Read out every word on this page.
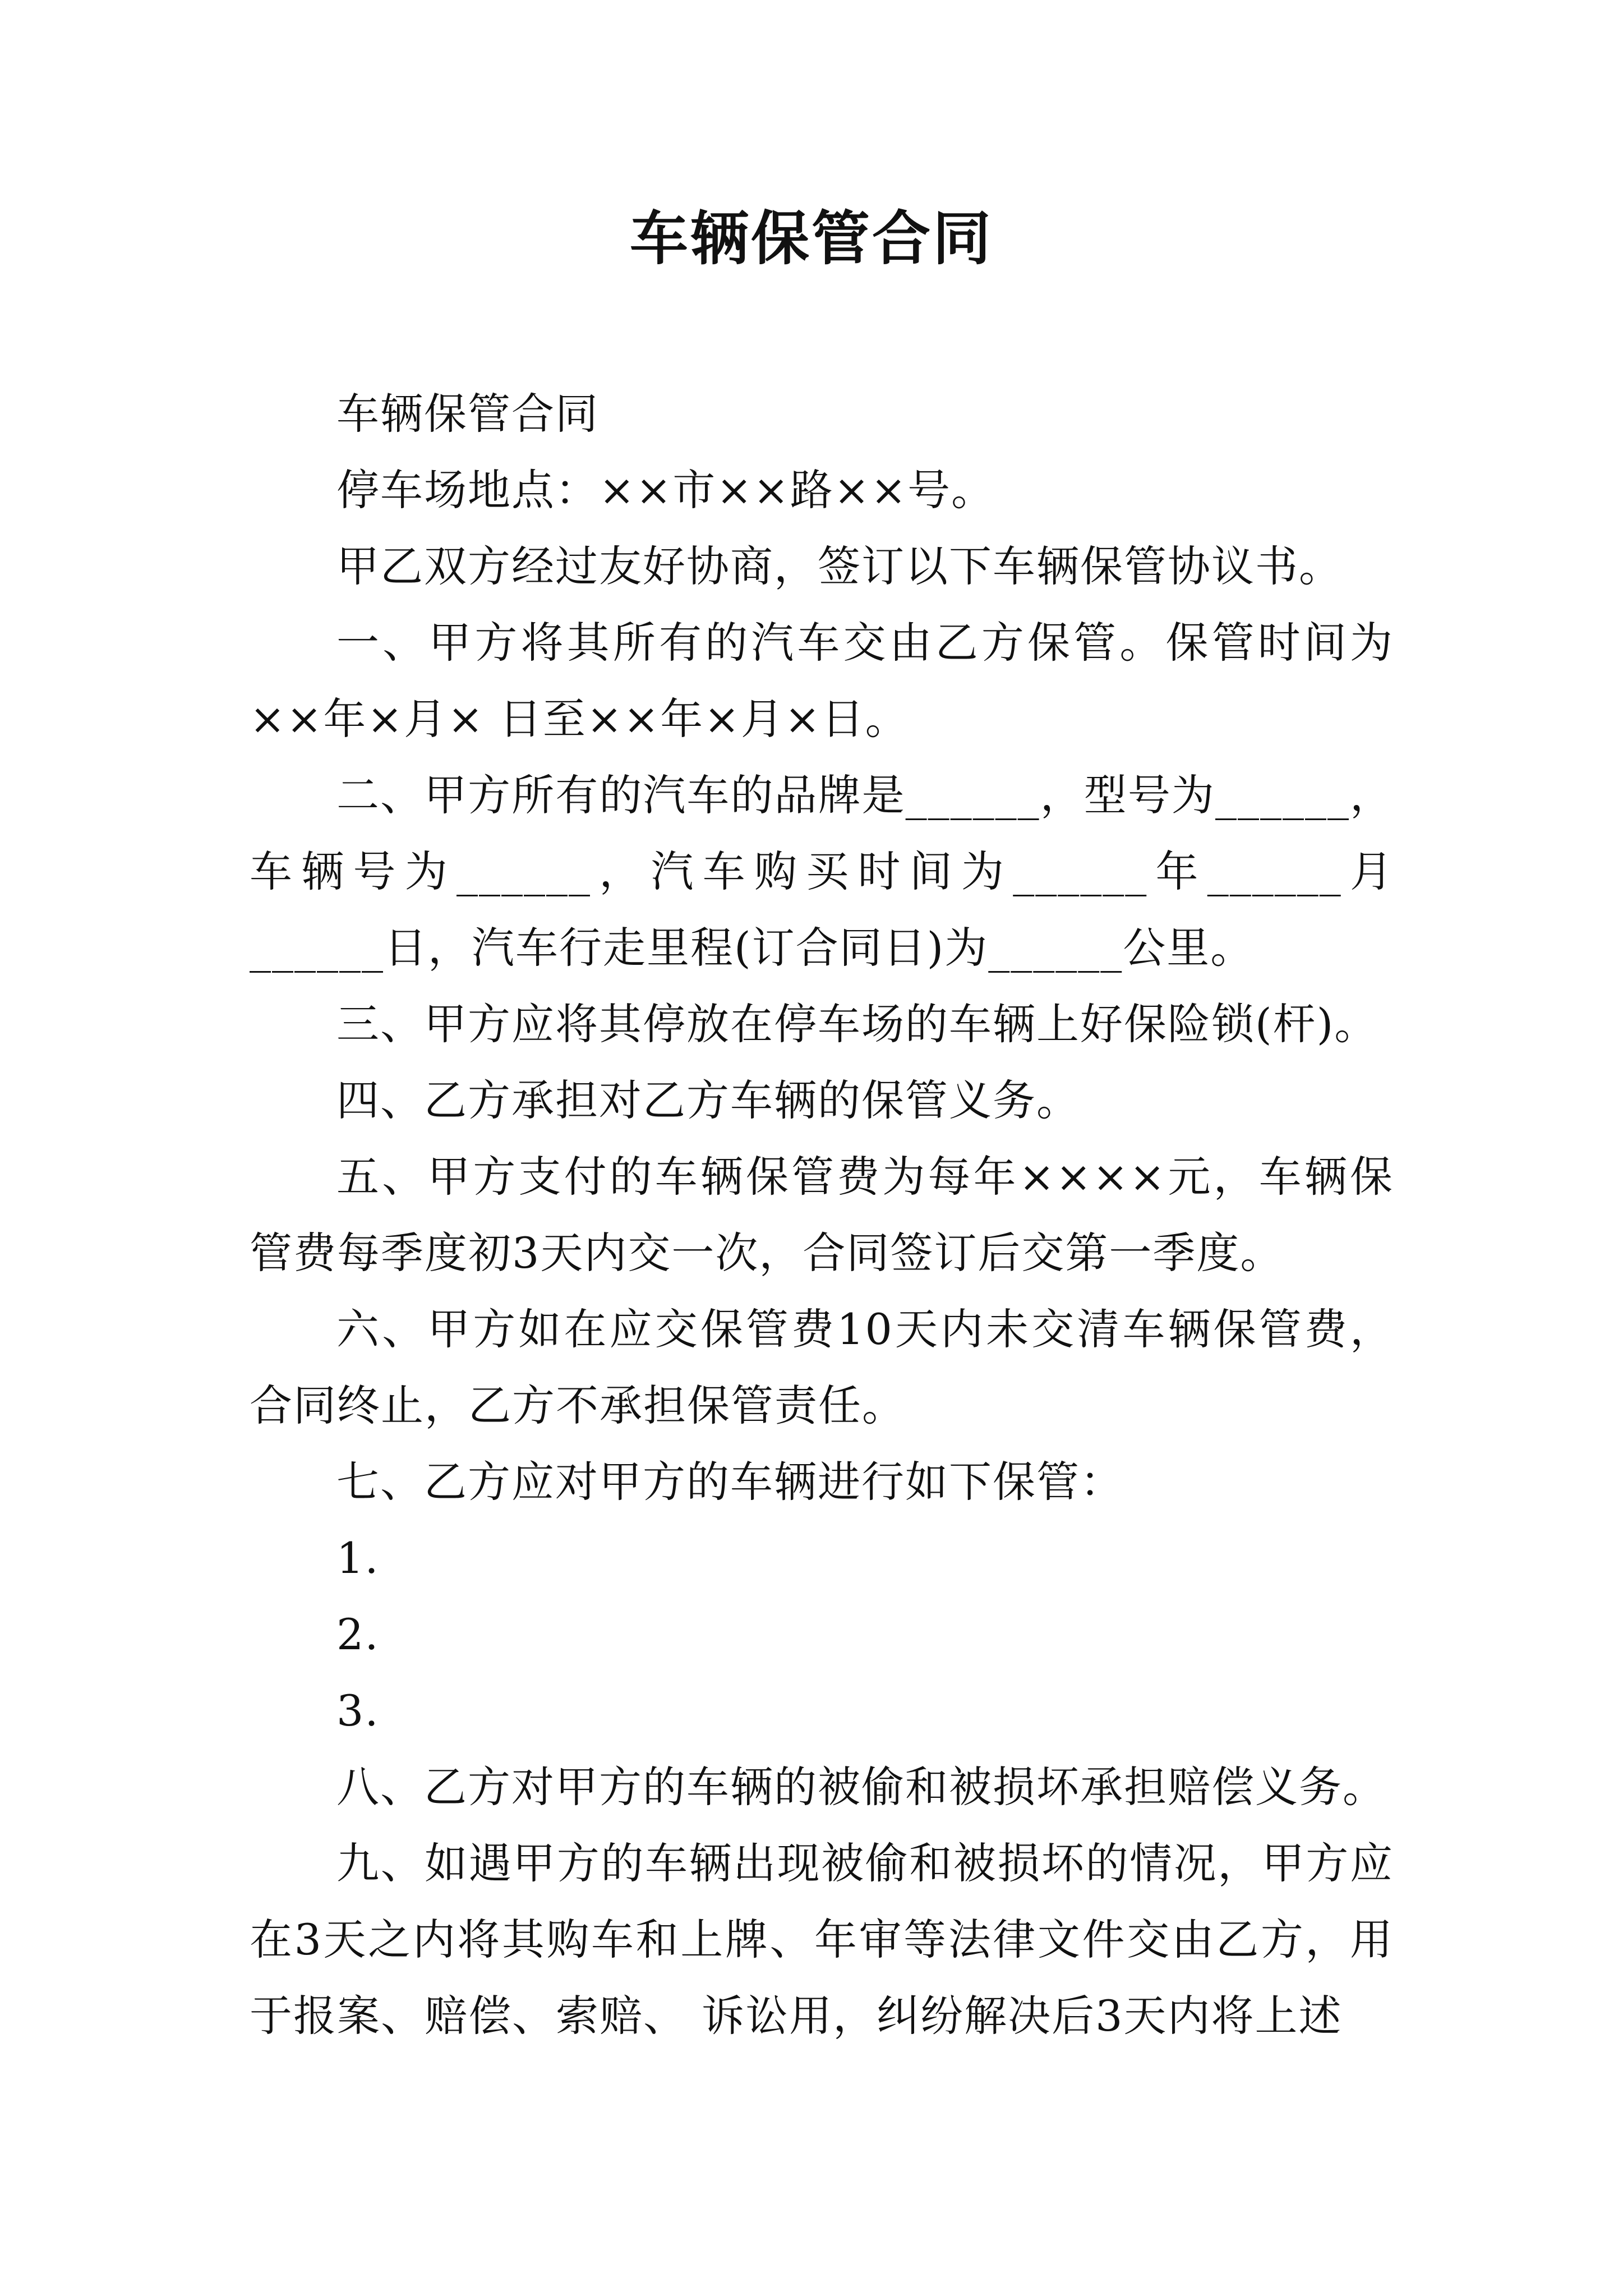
车辆保管合同

车辆保管合同

停车场地点：××市××路××号。

甲乙双方经过友好协商，签订以下车辆保管协议书。

一、甲方将其所有的汽车交由乙方保管。保管时间为××年×月× 日至××年×月×日。

二、甲方所有的汽车的品牌是______，型号为______，车辆号为______，汽车购买时间为______年______月______日，汽车行走里程(订合同日)为______公里。

三、甲方应将其停放在停车场的车辆上好保险锁(杆)。

四、乙方承担对乙方车辆的保管义务。

五、甲方支付的车辆保管费为每年××××元，车辆保管费每季度初3天内交一次，合同签订后交第一季度。

六、甲方如在应交保管费10天内未交清车辆保管费，合同终止，乙方不承担保管责任。

七、乙方应对甲方的车辆进行如下保管：

1.

2.

3.

八、乙方对甲方的车辆的被偷和被损坏承担赔偿义务。

九、如遇甲方的车辆出现被偷和被损坏的情况，甲方应在3天之内将其购车和上牌、年审等法律文件交由乙方，用于报案、赔偿、索赔、 诉讼用，纠纷解决后3天内将上述
